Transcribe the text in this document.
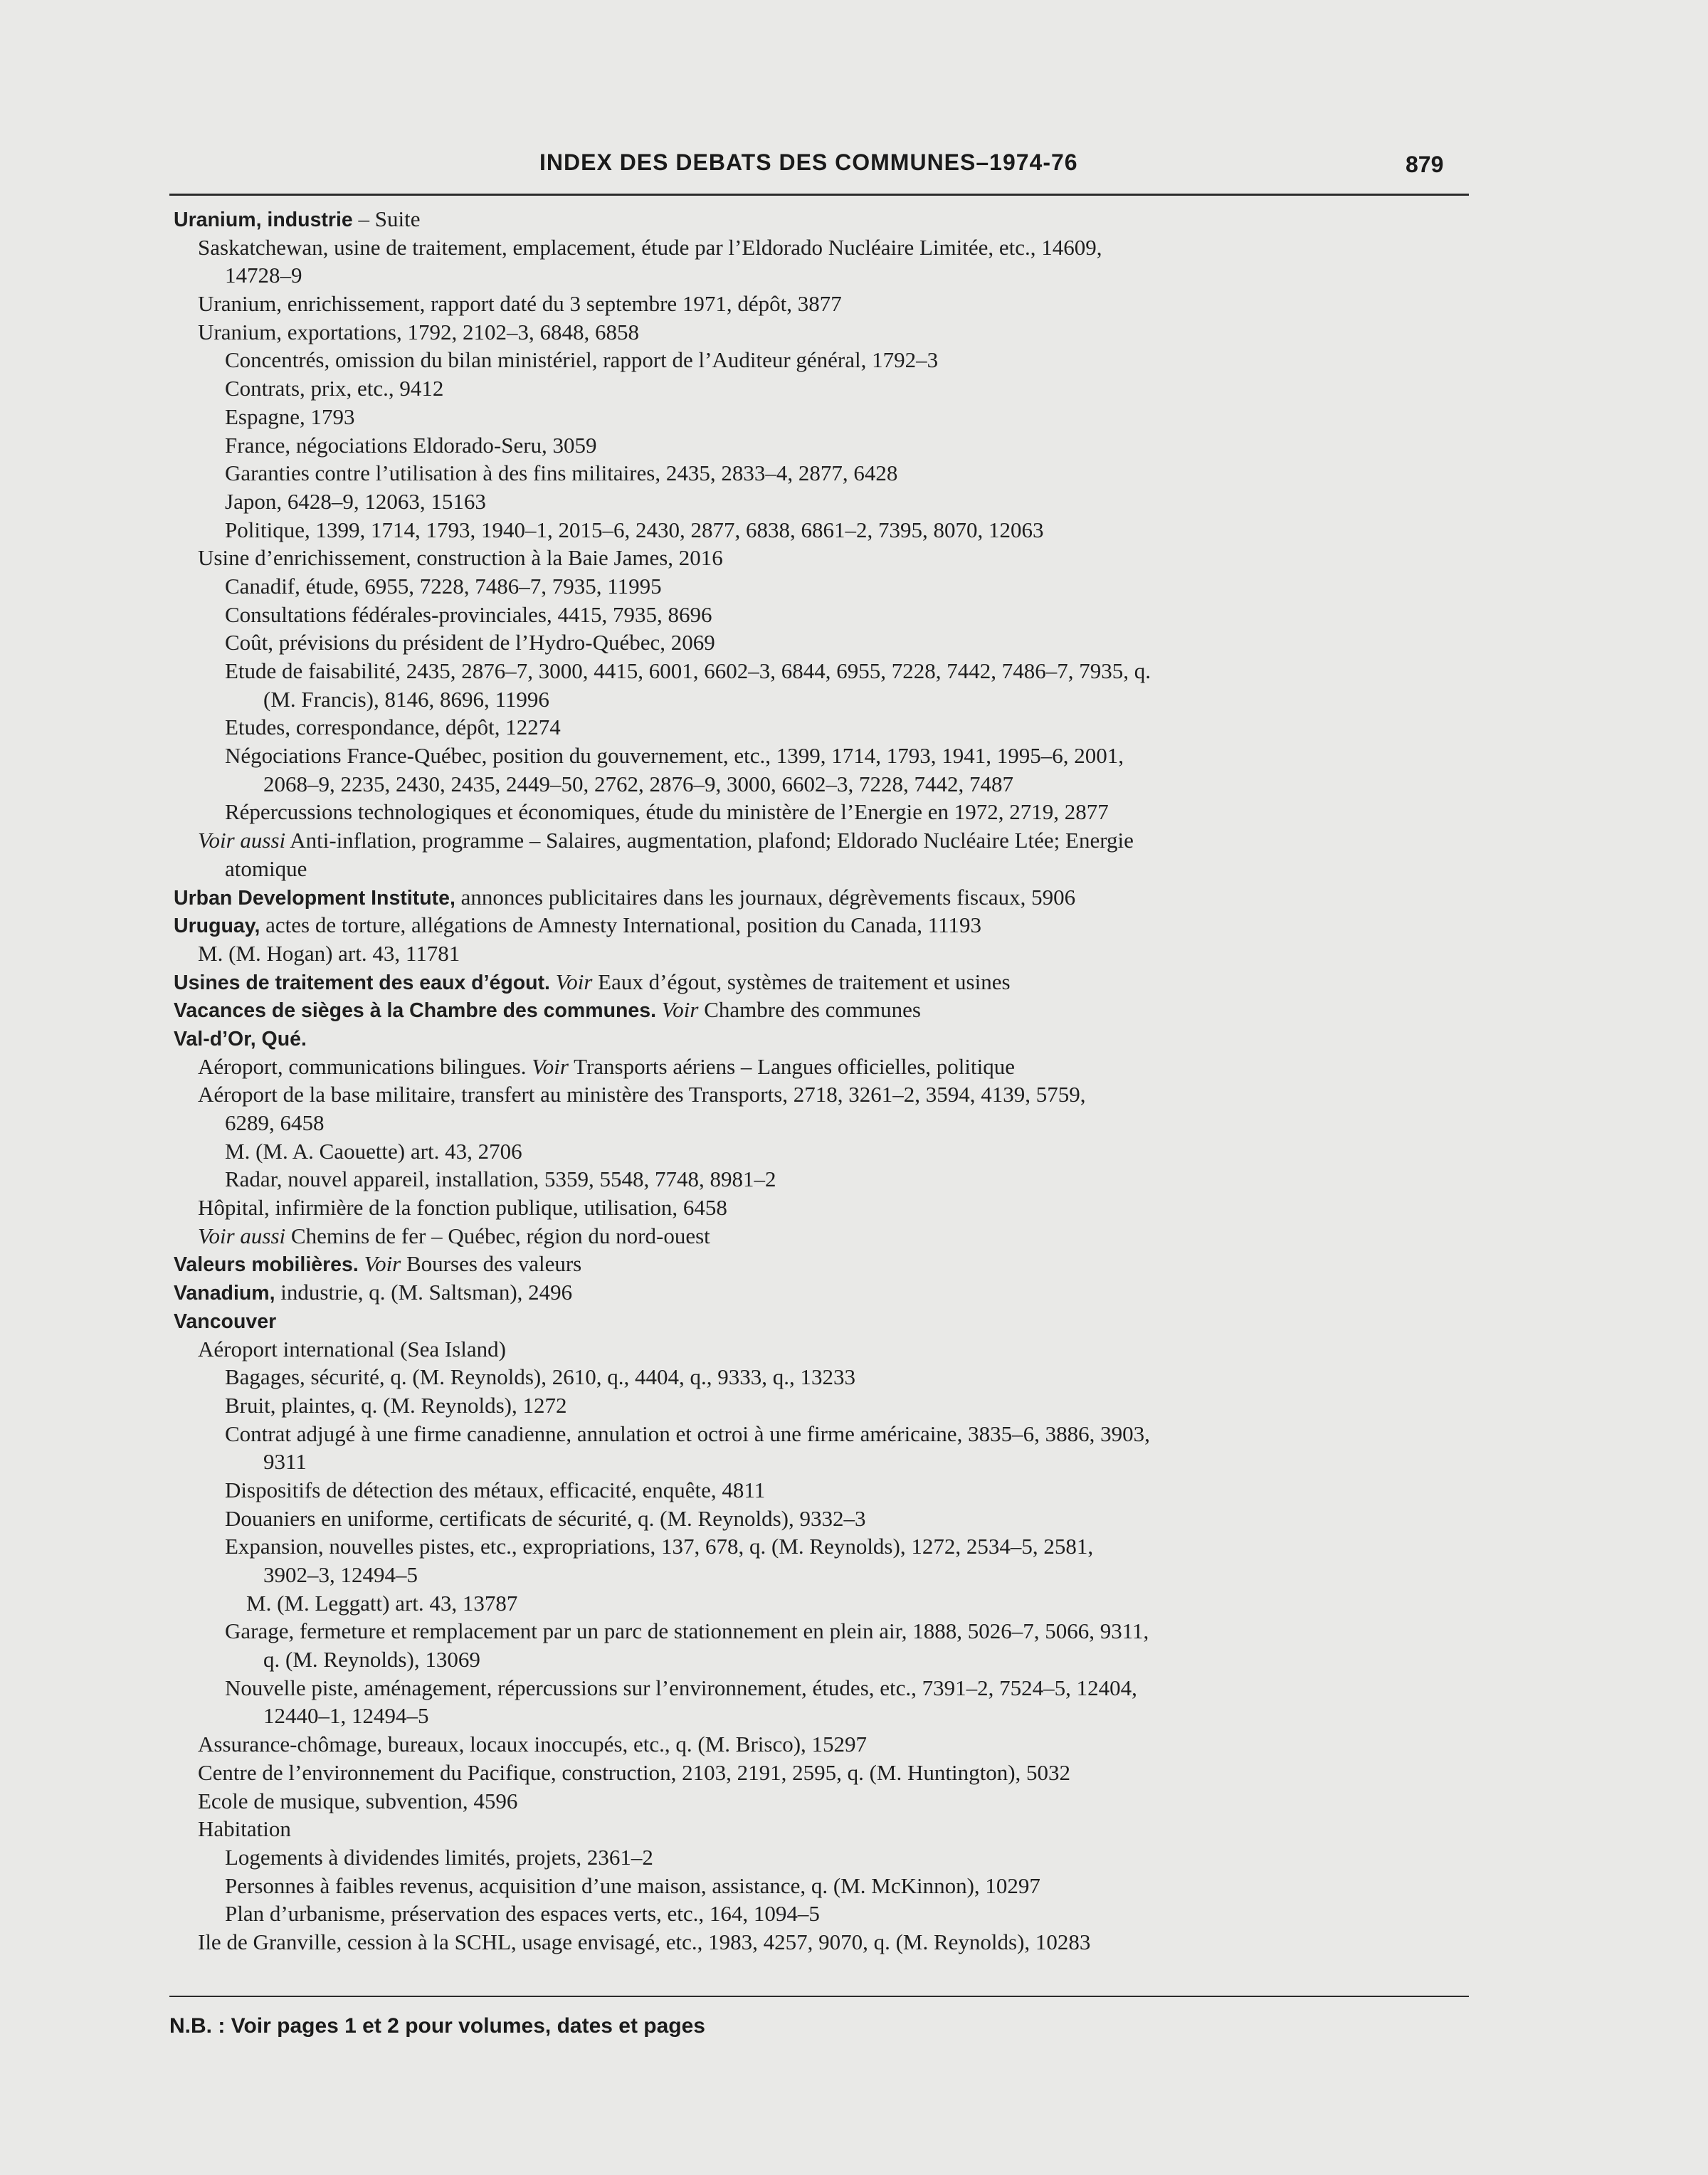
INDEX DES DEBATS DES COMMUNES–1974-76	879
Uranium, industrie – Suite
Saskatchewan, usine de traitement, emplacement, étude par l’Eldorado Nucléaire Limitée, etc., 14609,
14728–9
Uranium, enrichissement, rapport daté du 3 septembre 1971, dépôt, 3877
Uranium, exportations, 1792, 2102–3, 6848, 6858
Concentrés, omission du bilan ministériel, rapport de l’Auditeur général, 1792–3
Contrats, prix, etc., 9412
Espagne, 1793
France, négociations Eldorado-Seru, 3059
Garanties contre l’utilisation à des fins militaires, 2435, 2833–4, 2877, 6428
Japon, 6428–9, 12063, 15163
Politique, 1399, 1714, 1793, 1940–1, 2015–6, 2430, 2877, 6838, 6861–2, 7395, 8070, 12063
Usine d’enrichissement, construction à la Baie James, 2016
Canadif, étude, 6955, 7228, 7486–7, 7935, 11995
Consultations fédérales-provinciales, 4415, 7935, 8696
Coût, prévisions du président de l’Hydro-Québec, 2069
Etude de faisabilité, 2435, 2876–7, 3000, 4415, 6001, 6602–3, 6844, 6955, 7228, 7442, 7486–7, 7935, q.
(M. Francis), 8146, 8696, 11996
Etudes, correspondance, dépôt, 12274
Négociations France-Québec, position du gouvernement, etc., 1399, 1714, 1793, 1941, 1995–6, 2001,
2068–9, 2235, 2430, 2435, 2449–50, 2762, 2876–9, 3000, 6602–3, 7228, 7442, 7487
Répercussions technologiques et économiques, étude du ministère de l’Energie en 1972, 2719, 2877
Voir aussi Anti-inflation, programme – Salaires, augmentation, plafond; Eldorado Nucléaire Ltée; Energie
atomique
Urban Development Institute, annonces publicitaires dans les journaux, dégrèvements fiscaux, 5906
Uruguay, actes de torture, allégations de Amnesty International, position du Canada, 11193
M. (M. Hogan) art. 43, 11781
Usines de traitement des eaux d’égout. Voir Eaux d’égout, systèmes de traitement et usines
Vacances de sièges à la Chambre des communes. Voir Chambre des communes
Val-d’Or, Qué.
Aéroport, communications bilingues. Voir Transports aériens – Langues officielles, politique
Aéroport de la base militaire, transfert au ministère des Transports, 2718, 3261–2, 3594, 4139, 5759,
6289, 6458
M. (M. A. Caouette) art. 43, 2706
Radar, nouvel appareil, installation, 5359, 5548, 7748, 8981–2
Hôpital, infirmière de la fonction publique, utilisation, 6458
Voir aussi Chemins de fer – Québec, région du nord-ouest
Valeurs mobilières. Voir Bourses des valeurs
Vanadium, industrie, q. (M. Saltsman), 2496
Vancouver
Aéroport international (Sea Island)
Bagages, sécurité, q. (M. Reynolds), 2610, q., 4404, q., 9333, q., 13233
Bruit, plaintes, q. (M. Reynolds), 1272
Contrat adjugé à une firme canadienne, annulation et octroi à une firme américaine, 3835–6, 3886, 3903,
9311
Dispositifs de détection des métaux, efficacité, enquête, 4811
Douaniers en uniforme, certificats de sécurité, q. (M. Reynolds), 9332–3
Expansion, nouvelles pistes, etc., expropriations, 137, 678, q. (M. Reynolds), 1272, 2534–5, 2581,
3902–3, 12494–5
M. (M. Leggatt) art. 43, 13787
Garage, fermeture et remplacement par un parc de stationnement en plein air, 1888, 5026–7, 5066, 9311,
q. (M. Reynolds), 13069
Nouvelle piste, aménagement, répercussions sur l’environnement, études, etc., 7391–2, 7524–5, 12404,
12440–1, 12494–5
Assurance-chômage, bureaux, locaux inoccupés, etc., q. (M. Brisco), 15297
Centre de l’environnement du Pacifique, construction, 2103, 2191, 2595, q. (M. Huntington), 5032
Ecole de musique, subvention, 4596
Habitation
Logements à dividendes limités, projets, 2361–2
Personnes à faibles revenus, acquisition d’une maison, assistance, q. (M. McKinnon), 10297
Plan d’urbanisme, préservation des espaces verts, etc., 164, 1094–5
Ile de Granville, cession à la SCHL, usage envisagé, etc., 1983, 4257, 9070, q. (M. Reynolds), 10283
N.B. : Voir pages 1 et 2 pour volumes, dates et pages
